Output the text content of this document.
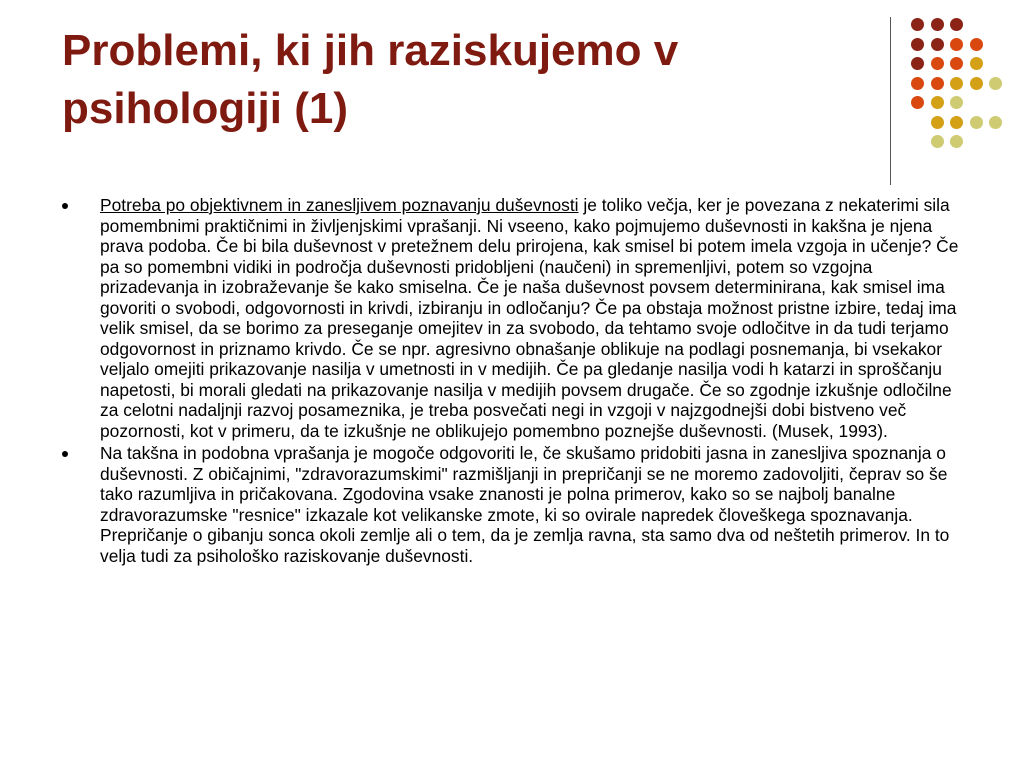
Problemi, ki jih raziskujemo v psihologiji (1)
Potreba po objektivnem in zanesljivem poznavanju duševnosti je toliko večja, ker je povezana z nekaterimi sila pomembnimi praktičnimi in življenjskimi vprašanji. Ni vseeno, kako pojmujemo duševnosti in kakšna je njena prava podoba. Če bi bila duševnost v pretežnem delu prirojena, kak smisel bi potem imela vzgoja in učenje? Če pa so pomembni vidiki in področja duševnosti pridobljeni (naučeni) in spremenljivi, potem so vzgojna prizadevanja in izobraževanje še kako smiselna. Če je naša duševnost povsem determinirana, kak smisel ima govoriti o svobodi, odgovornosti in krivdi, izbiranju in odločanju? Če pa obstaja možnost pristne izbire, tedaj ima velik smisel, da se borimo za preseganje omejitev in za svobodo, da tehtamo svoje odločitve in da tudi terjamo odgovornost in priznamo krivdo. Če se npr. agresivno obnašanje oblikuje na podlagi posnemanja, bi vsekakor veljalo omejiti prikazovanje nasilja v umetnosti in v medijih. Če pa gledanje nasilja vodi h katarzi in sproščanju napetosti, bi morali gledati na prikazovanje nasilja v medijih povsem drugače. Če so zgodnje izkušnje odločilne za celotni nadaljnji razvoj posameznika, je treba posvečati negi in vzgoji v najzgodnejši dobi bistveno več pozornosti, kot v primeru, da te izkušnje ne oblikujejo pomembno poznejše duševnosti. (Musek, 1993).
Na takšna in podobna vprašanja je mogoče odgovoriti le, če skušamo pridobiti jasna in zanesljiva spoznanja o duševnosti. Z običajnimi, "zdravorazumskimi" razmišljanji in prepričanji se ne moremo zadovoljiti, čeprav so še tako razumljiva in pričakovana. Zgodovina vsake znanosti je polna primerov, kako so se najbolj banalne zdravorazumske "resnice" izkazale kot velikanske zmote, ki so ovirale napredek človeškega spoznavanja. Prepričanje o gibanju sonca okoli zemlje ali o tem, da je zemlja ravna, sta samo dva od neštetih primerov. In to velja tudi za psihološko raziskovanje duševnosti.
